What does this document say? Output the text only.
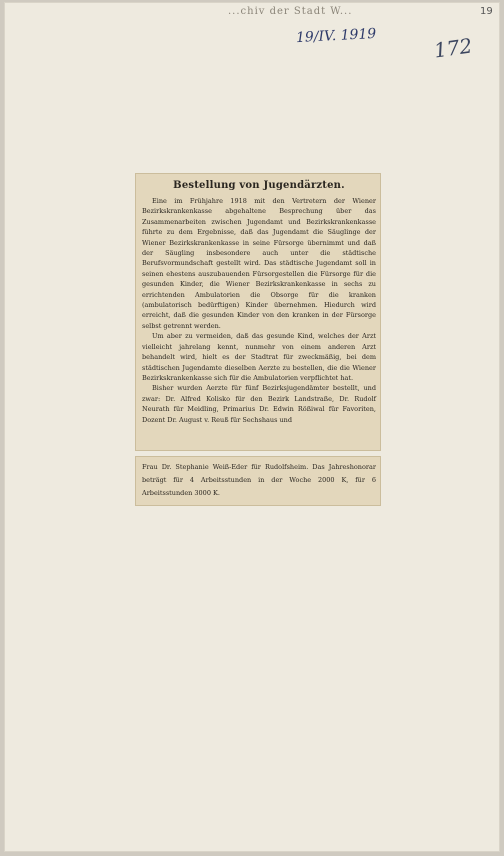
...chiv der Stadt W...
19/IV. 1919	172
19
Bestellung von Jugendärzten.

Eine im Frühjahre 1918 mit den Vertretern der Wiener Bezirkskrankenkasse abgehaltene Besprechung über das Zusammenarbeiten zwischen Jugendamt und Bezirkskrankenkasse führte zu dem Ergebnisse, daß das Jugendamt die Säuglinge der Wiener Bezirkskrankenkasse in seine Fürsorge übernimmt und daß der Säugling insbesondere auch unter die städtische Berufsvormundschaft gestellt wird. Das städtische Jugendamt soll in seinen ehestens auszubauenden Fürsorgestellen die Fürsorge für die gesunden Kinder, die Wiener Bezirkskrankenkasse in sechs zu errichtenden Ambulatorien die Obsorge für die kranken (ambulatorisch bedürftigen) Kinder übernehmen. Hiedurch wird erreicht, daß die gesunden Kinder von den kranken in der Fürsorge selbst getrennt werden.

Um aber zu vermeiden, daß das gesunde Kind, welches der Arzt vielleicht jahrelang kennt, nunmehr von einem anderen Arzt behandelt wird, hielt es der Stadtrat für zweckmäßig, bei dem städtischen Jugendamte dieselben Aerzte zu bestellen, die die Wiener Bezirkskrankenkasse sich für die Ambulatorien verpflichtet hat.

Bisher wurden Aerzte für fünf Bezirksjugendämter bestellt, und zwar: Dr. Alfred Kolisko für den Bezirk Landstraße, Dr. Rudolf Neurath für Meidling, Primarius Dr. Edwin Rößiwal für Favoriten, Dozent Dr. August v. Reuß für Sechshaus und

Frau Dr. Stephanie Weiß-Eder für Rudolfsheim. Das Jahreshonorar beträgt für 4 Arbeitsstunden in der Woche 2000 K, für 6 Arbeitsstunden 3000 K.
